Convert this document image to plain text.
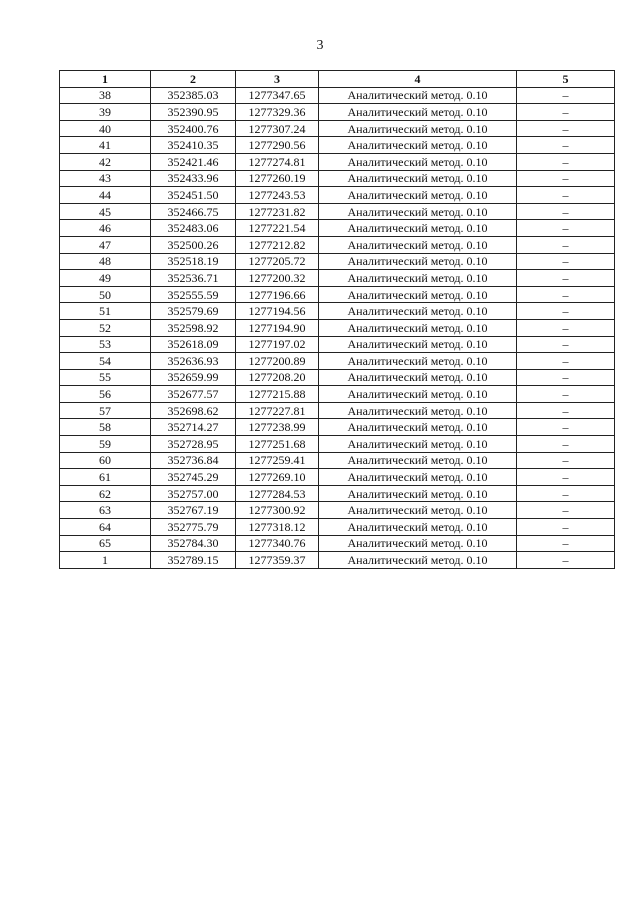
3
1	2	3	4	5
38	352385.03	1277347.65	Аналитический метод. 0.10	–
39	352390.95	1277329.36	Аналитический метод. 0.10	–
40	352400.76	1277307.24	Аналитический метод. 0.10	–
41	352410.35	1277290.56	Аналитический метод. 0.10	–
42	352421.46	1277274.81	Аналитический метод. 0.10	–
43	352433.96	1277260.19	Аналитический метод. 0.10	–
44	352451.50	1277243.53	Аналитический метод. 0.10	–
45	352466.75	1277231.82	Аналитический метод. 0.10	–
46	352483.06	1277221.54	Аналитический метод. 0.10	–
47	352500.26	1277212.82	Аналитический метод. 0.10	–
48	352518.19	1277205.72	Аналитический метод. 0.10	–
49	352536.71	1277200.32	Аналитический метод. 0.10	–
50	352555.59	1277196.66	Аналитический метод. 0.10	–
51	352579.69	1277194.56	Аналитический метод. 0.10	–
52	352598.92	1277194.90	Аналитический метод. 0.10	–
53	352618.09	1277197.02	Аналитический метод. 0.10	–
54	352636.93	1277200.89	Аналитический метод. 0.10	–
55	352659.99	1277208.20	Аналитический метод. 0.10	–
56	352677.57	1277215.88	Аналитический метод. 0.10	–
57	352698.62	1277227.81	Аналитический метод. 0.10	–
58	352714.27	1277238.99	Аналитический метод. 0.10	–
59	352728.95	1277251.68	Аналитический метод. 0.10	–
60	352736.84	1277259.41	Аналитический метод. 0.10	–
61	352745.29	1277269.10	Аналитический метод. 0.10	–
62	352757.00	1277284.53	Аналитический метод. 0.10	–
63	352767.19	1277300.92	Аналитический метод. 0.10	–
64	352775.79	1277318.12	Аналитический метод. 0.10	–
65	352784.30	1277340.76	Аналитический метод. 0.10	–
1	352789.15	1277359.37	Аналитический метод. 0.10	–
